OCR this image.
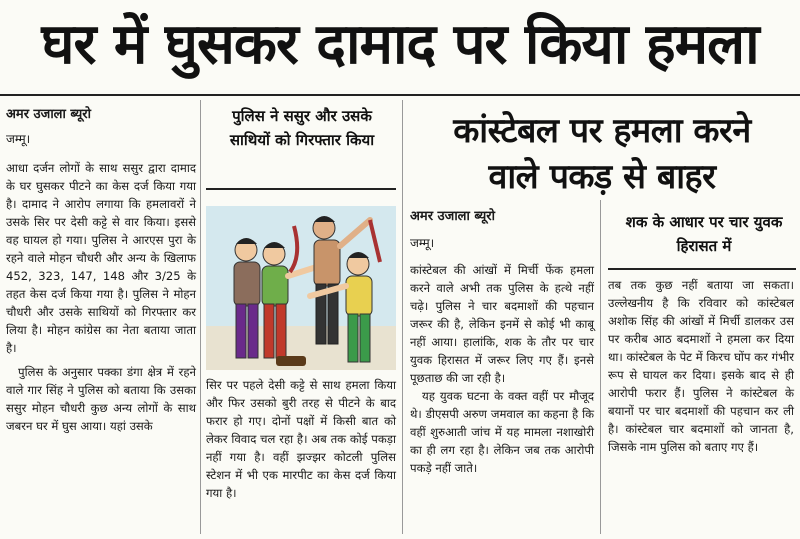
घर में घुसकर दामाद पर किया हमला
अमर उजाला ब्यूरो
जम्मू।

आधा दर्जन लोगों के साथ ससुर द्वारा दामाद के घर घुसकर पीटने का केस दर्ज किया गया है। दामाद ने आरोप लगाया कि हमलावरों ने उसके सिर पर देसी कट्टे से वार किया। इससे वह घायल हो गया। पुलिस ने आरएस पुरा के रहने वाले मोहन चौधरी और अन्य के खिलाफ 452, 323, 147, 148 और 3/25 के तहत केस दर्ज किया गया है। पुलिस ने मोहन चौधरी और उसके साथियों को गिरफ्तार कर लिया है। मोहन कांग्रेस का नेता बताया जाता है।

पुलिस के अनुसार पक्का डंगा क्षेत्र में रहने वाले गार सिंह ने पुलिस को बताया कि उसका ससुर मोहन चौधरी कुछ अन्य लोगों के साथ जबरन घर में घुस आया। यहां उसके

पुलिस ने ससुर और उसके साथियों को गिरफ्तार किया
सिर पर पहले देसी कट्टे से साथ हमला किया और फिर उसको बुरी तरह से पीटने के बाद फरार हो गए। दोनों पक्षों में किसी बात को लेकर विवाद चल रहा है। अब तक कोई पकड़ा नहीं गया है। वहीं झज्झर कोटली पुलिस स्टेशन में भी एक मारपीट का केस दर्ज किया गया है।
कांस्टेबल पर हमला करने
वाले पकड़ से बाहर
अमर उजाला ब्यूरो
जम्मू।

कांस्टेबल की आंखों में मिर्ची फेंक हमला करने वाले अभी तक पुलिस के हत्थे नहीं चढ़े। पुलिस ने चार बदमाशों की पहचान जरूर की है, लेकिन इनमें से कोई भी काबू नहीं आया। हालांकि, शक के तौर पर चार युवक हिरासत में जरूर लिए गए हैं। इनसे पूछताछ की जा रही है।

यह युवक घटना के वक्त वहीं पर मौजूद थे। डीएसपी अरुण जमवाल का कहना है कि वहीं शुरुआती जांच में यह मामला नशाखोरी का ही लग रहा है। लेकिन जब तक आरोपी पकड़े नहीं जाते।

शक के आधार पर चार युवक हिरासत में
तब तक कुछ नहीं बताया जा सकता। उल्लेखनीय है कि रविवार को कांस्टेबल अशोक सिंह की आंखों में मिर्ची डालकर उस पर करीब आठ बदमाशों ने हमला कर दिया था। कांस्टेबल के पेट में किरच घोंप कर गंभीर रूप से घायल कर दिया। इसके बाद से ही आरोपी फरार हैं। पुलिस ने कांस्टेबल के बयानों पर चार बदमाशों की पहचान कर ली है। कांस्टेबल चार बदमाशों को जानता है, जिसके नाम पुलिस को बताए गए हैं।
